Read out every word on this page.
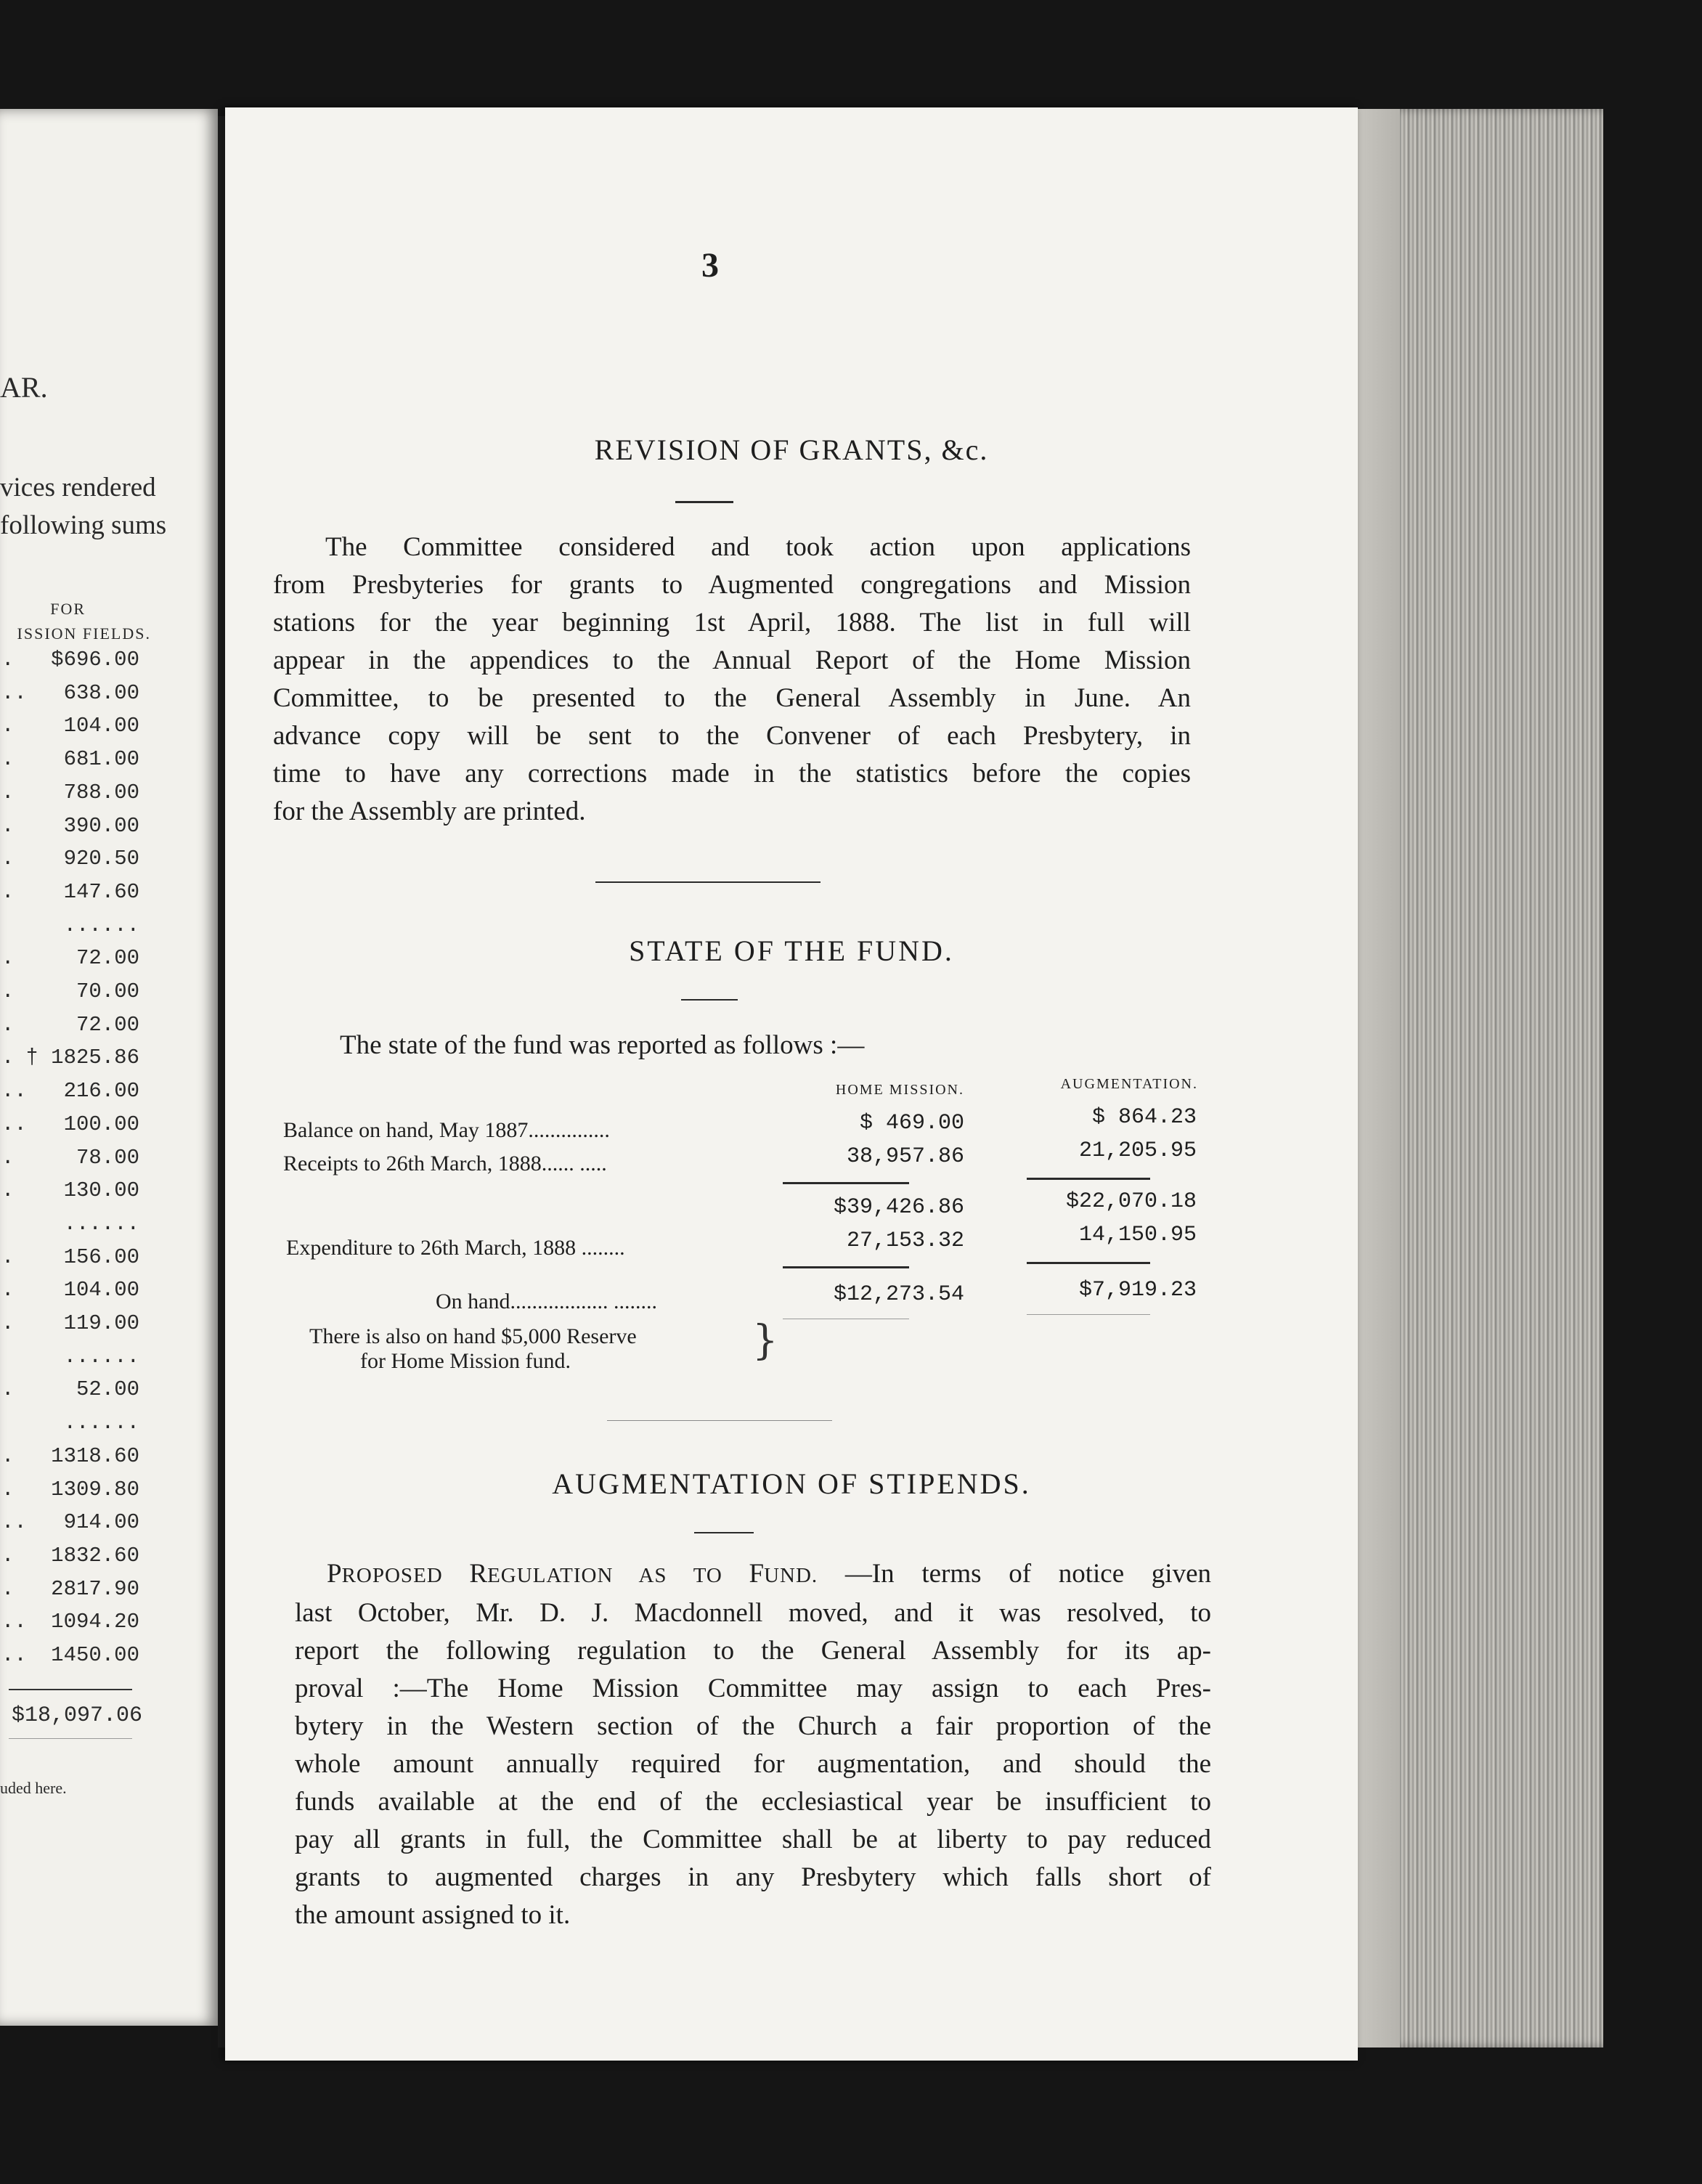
AR.
vices rendered
following sums
FOR
ISSION FIELDS.
. $696.00
.. 638.00
. 104.00
. 681.00
. 788.00
. 390.00
. 920.50
. 147.60
......
.	72.00
.	70.00
.	72.00
. † 1825.86
.. 216.00
.. 100.00
.	78.00
. 130.00
......
. 156.00
. 104.00
. 119.00
......
.	52.00
......
. 1318.60
. 1309.80
.. 914.00
. 1832.60
. 2817.90
.. 1094.20
.. 1450.00
$18,097.06
uded here.
3
REVISION OF GRANTS, &c.
The Committee considered and took action upon applications
from Presbyteries for grants to Augmented congregations and Mission
stations for the year beginning 1st April, 1888. The list in full will
appear in the appendices to the Annual Report of the Home Mission
Committee, to be presented to the General Assembly in June. An
advance copy will be sent to the Convener of each Presbytery, in
time to have any corrections made in the statistics before the copies
for the Assembly are printed.
STATE OF THE FUND.
The state of the fund was reported as follows :—
HOME MISSION.	AUGMENTATION.
Balance on hand, May 1887...............	$ 469.00	$ 864.23
Receipts to 26th March, 1888...... .....	38,957.86	21,205.95
$39,426.86	$22,070.18
Expenditure to 26th March, 1888 ........	27,153.32	14,150.95
On hand.................. ........	$12,273.54	$7,919.23
There is also on hand $5,000 Reserve
for Home Mission fund.	}
AUGMENTATION OF STIPENDS.
PROPOSED REGULATION AS TO FUND. —In terms of notice given
last October, Mr. D. J. Macdonnell moved, and it was resolved, to
report the following regulation to the General Assembly for its ap-
proval :—The Home Mission Committee may assign to each Pres-
bytery in the Western section of the Church a fair proportion of the
whole amount annually required for augmentation, and should the
funds available at the end of the ecclesiastical year be insufficient to
pay all grants in full, the Committee shall be at liberty to pay reduced
grants to augmented charges in any Presbytery which falls short of
the amount assigned to it.
